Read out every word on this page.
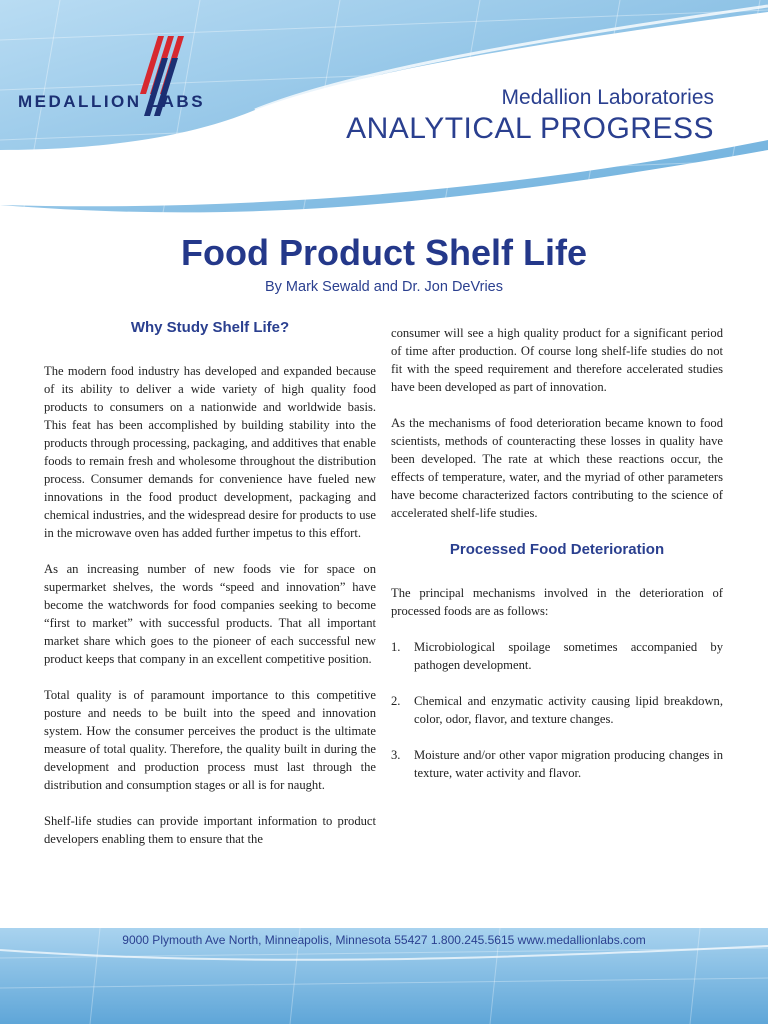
MEDALLION LABS	Medallion Laboratories
ANALYTICAL PROGRESS
Food Product Shelf Life
By Mark Sewald and Dr. Jon DeVries
Why Study Shelf Life?

The modern food industry has developed and expanded because of its ability to deliver a wide variety of high quality food products to consumers on a nationwide and worldwide basis. This feat has been accomplished by building stability into the products through processing, packaging, and additives that enable foods to remain fresh and wholesome throughout the distribution process. Consumer demands for convenience have fueled new innovations in the food product development, packaging and chemical industries, and the widespread desire for products to use in the microwave oven has added further impetus to this effort.

As an increasing number of new foods vie for space on supermarket shelves, the words “speed and innovation” have become the watchwords for food companies seeking to become “first to market” with successful products. That all important market share which goes to the pioneer of each successful new product keeps that company in an excellent competitive position.

Total quality is of paramount importance to this competitive posture and needs to be built into the speed and innovation system. How the consumer perceives the product is the ultimate measure of total quality. Therefore, the quality built in during the development and production process must last through the distribution and consumption stages or all is for naught.

Shelf-life studies can provide important information to product developers enabling them to ensure that the

consumer will see a high quality product for a significant period of time after production. Of course long shelf-life studies do not fit with the speed requirement and therefore accelerated studies have been developed as part of innovation.

As the mechanisms of food deterioration became known to food scientists, methods of counteracting these losses in quality have been developed. The rate at which these reactions occur, the effects of temperature, water, and the myriad of other parameters have become characterized factors contributing to the science of accelerated shelf-life studies.

Processed Food Deterioration

The principal mechanisms involved in the deterioration of processed foods are as follows:

1. Microbiological spoilage sometimes accompanied by pathogen development.
2. Chemical and enzymatic activity causing lipid breakdown, color, odor, flavor, and texture changes.
3. Moisture and/or other vapor migration producing changes in texture, water activity and flavor.
9000 Plymouth Ave North, Minneapolis, Minnesota 55427 1.800.245.5615 www.medallionlabs.com
